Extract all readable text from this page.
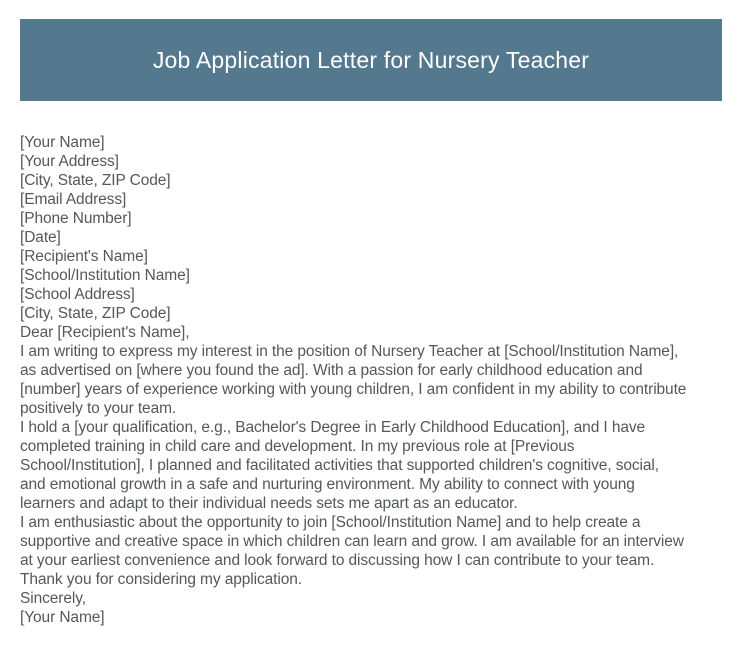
Job Application Letter for Nursery Teacher
[Your Name]
[Your Address]
[City, State, ZIP Code]
[Email Address]
[Phone Number]
[Date]
[Recipient's Name]
[School/Institution Name]
[School Address]
[City, State, ZIP Code]
Dear [Recipient's Name],
I am writing to express my interest in the position of Nursery Teacher at [School/Institution Name],
as advertised on [where you found the ad]. With a passion for early childhood education and
[number] years of experience working with young children, I am confident in my ability to contribute
positively to your team.
I hold a [your qualification, e.g., Bachelor's Degree in Early Childhood Education], and I have
completed training in child care and development. In my previous role at [Previous
School/Institution], I planned and facilitated activities that supported children's cognitive, social,
and emotional growth in a safe and nurturing environment. My ability to connect with young
learners and adapt to their individual needs sets me apart as an educator.
I am enthusiastic about the opportunity to join [School/Institution Name] and to help create a
supportive and creative space in which children can learn and grow. I am available for an interview
at your earliest convenience and look forward to discussing how I can contribute to your team.
Thank you for considering my application.
Sincerely,
[Your Name]
